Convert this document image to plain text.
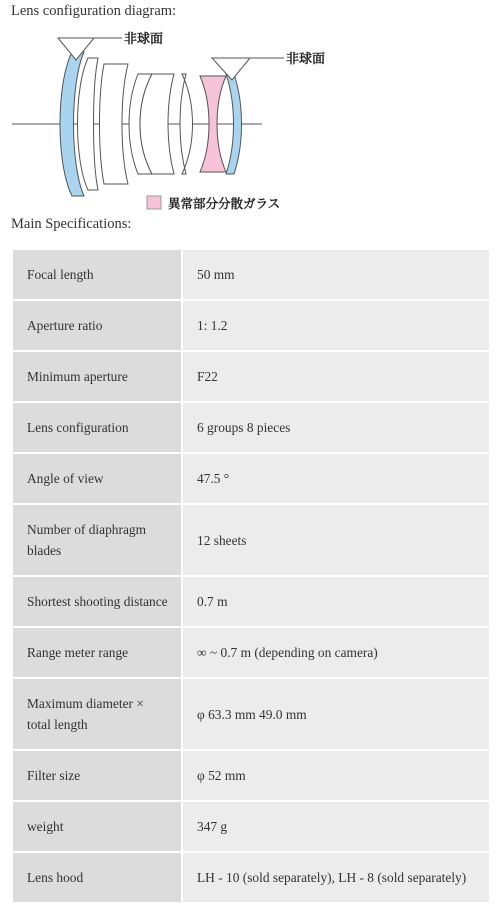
Lens configuration diagram:
非球面
非球面
異常部分分散ガラス
Main Specifications:
Focal length	50 mm
Aperture ratio	1: 1.2
Minimum aperture	F22
Lens configuration	6 groups 8 pieces
Angle of view	47.5 °
Number of diaphragm blades	12 sheets
Shortest shooting distance	0.7 m
Range meter range	∞ ~ 0.7 m (depending on camera)
Maximum diameter × total length	φ 63.3 mm 49.0 mm
Filter size	φ 52 mm
weight	347 g
Lens hood	LH - 10 (sold separately), LH - 8 (sold separately)
